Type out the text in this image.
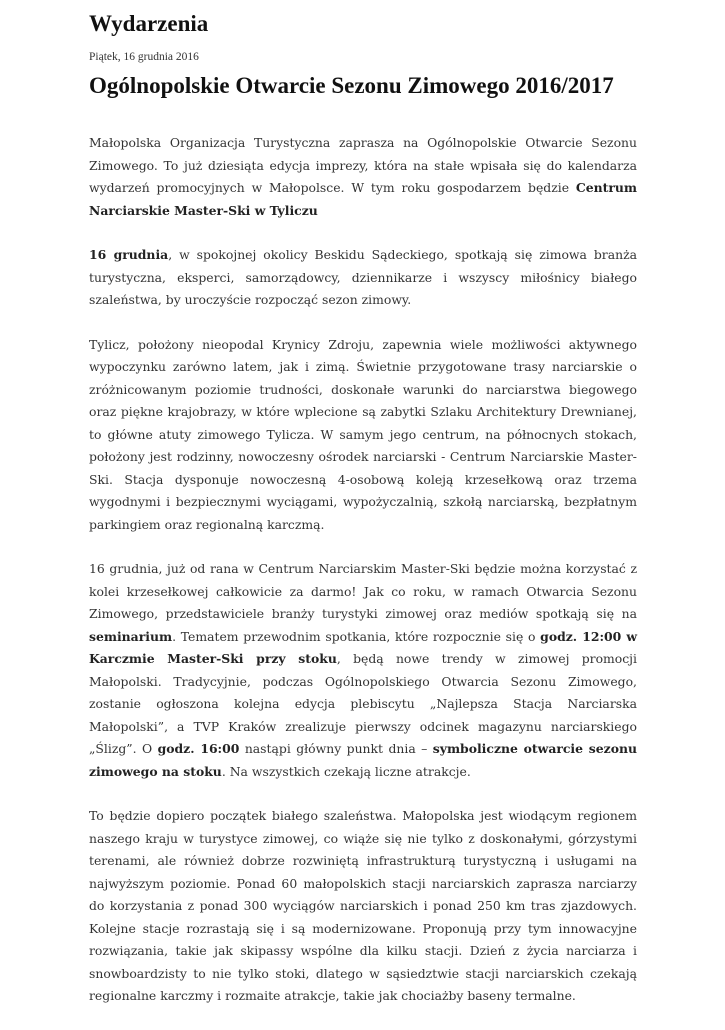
Wydarzenia
Piątek, 16 grudnia 2016
Ogólnopolskie Otwarcie Sezonu Zimowego 2016/2017

Małopolska Organizacja Turystyczna zaprasza na Ogólnopolskie Otwarcie Sezonu Zimowego. To już dziesiąta edycja imprezy, która na stałe wpisała się do kalendarza wydarzeń promocyjnych w Małopolsce. W tym roku gospodarzem będzie Centrum Narciarskie Master-Ski w Tyliczu

16 grudnia, w spokojnej okolicy Beskidu Sądeckiego, spotkają się zimowa branża turystyczna, eksperci, samorządowcy, dziennikarze i wszyscy miłośnicy białego szaleństwa, by uroczyście rozpocząć sezon zimowy.

Tylicz, położony nieopodal Krynicy Zdroju, zapewnia wiele możliwości aktywnego wypoczynku zarówno latem, jak i zimą. Świetnie przygotowane trasy narciarskie o zróżnicowanym poziomie trudności, doskonałe warunki do narciarstwa biegowego oraz piękne krajobrazy, w które wplecione są zabytki Szlaku Architektury Drewnianej, to główne atuty zimowego Tylicza. W samym jego centrum, na północnych stokach, położony jest rodzinny, nowoczesny ośrodek narciarski - Centrum Narciarskie Master-Ski. Stacja dysponuje nowoczesną 4-osobową koleją krzesełkową oraz trzema wygodnymi i bezpiecznymi wyciągami, wypożyczalnią, szkołą narciarską, bezpłatnym parkingiem oraz regionalną karczmą.

16 grudnia, już od rana w Centrum Narciarskim Master-Ski będzie można korzystać z kolei krzesełkowej całkowicie za darmo! Jak co roku, w ramach Otwarcia Sezonu Zimowego, przedstawiciele branży turystyki zimowej oraz mediów spotkają się na seminarium. Tematem przewodnim spotkania, które rozpocznie się o godz. 12:00 w Karczmie Master-Ski przy stoku, będą nowe trendy w zimowej promocji Małopolski. Tradycyjnie, podczas Ogólnopolskiego Otwarcia Sezonu Zimowego, zostanie ogłoszona kolejna edycja plebiscytu „Najlepsza Stacja Narciarska Małopolski”, a TVP Kraków zrealizuje pierwszy odcinek magazynu narciarskiego „Ślizg”. O godz. 16:00 nastąpi główny punkt dnia – symboliczne otwarcie sezonu zimowego na stoku. Na wszystkich czekają liczne atrakcje.

To będzie dopiero początek białego szaleństwa. Małopolska jest wiodącym regionem naszego kraju w turystyce zimowej, co wiąże się nie tylko z doskonałymi, górzystymi terenami, ale również dobrze rozwiniętą infrastrukturą turystyczną i usługami na najwyższym poziomie. Ponad 60 małopolskich stacji narciarskich zaprasza narciarzy do korzystania z ponad 300 wyciągów narciarskich i ponad 250 km tras zjazdowych. Kolejne stacje rozrastają się i są modernizowane. Proponują przy tym innowacyjne rozwiązania, takie jak skipassy wspólne dla kilku stacji. Dzień z życia narciarza i snowboardzisty to nie tylko stoki, dlatego w sąsiedztwie stacji narciarskich czekają regionalne karczmy i rozmaite atrakcje, takie jak chociażby baseny termalne.
